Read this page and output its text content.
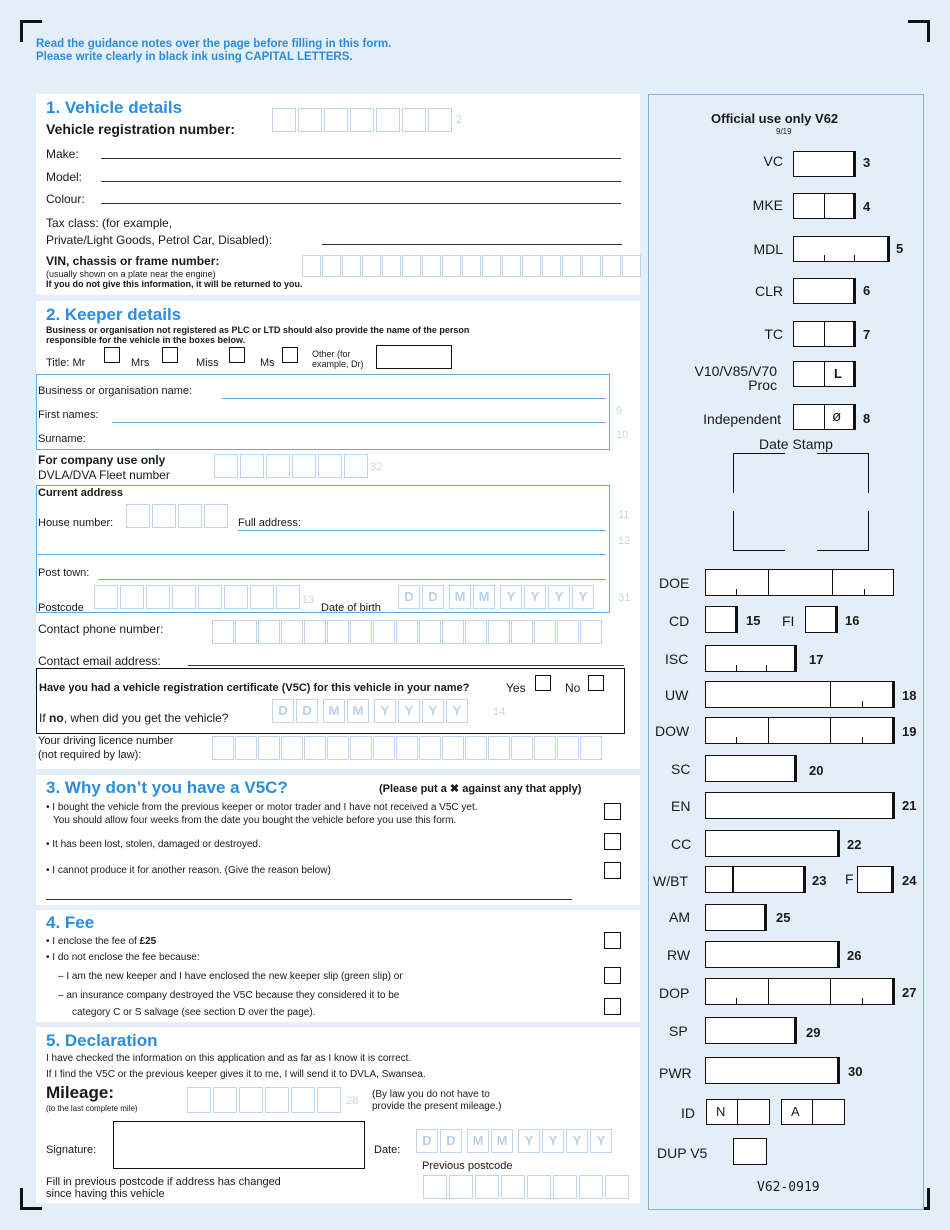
Read the guidance notes over the page before filling in this form.
Please write clearly in black ink using CAPITAL LETTERS.
1. Vehicle details
Vehicle registration number:
2
Make:
Model:
Colour:
Tax class: (for example,
Private/Light Goods, Petrol Car, Disabled):
VIN, chassis or frame number:
(usually shown on a plate near the engine)
If you do not give this information, it will be returned to you.
2. Keeper details
Business or organisation not registered as PLC or LTD should also provide the name of the person
responsible for the vehicle in the boxes below.
Title: Mr	Mrs	Miss	Ms
Other (for
example, Dr)
Business or organisation name:
First names:	9
Surname:	10
For company use only
DVLA/DVA Fleet number
32
Current address
House number:	Full address:
11
12
Post town:
Postcode
13
Date of birth
D	D	M	M	Y	Y	Y	Y	31
Contact phone number:
Contact email address:
Have you had a vehicle registration certificate (V5C) for this vehicle in your name?	Yes	No
If no, when did you get the vehicle?	D	D	M	M	Y	Y	Y	Y	14
Your driving licence number
(not required by law):
3. Why don’t you have a V5C?	(Please put a ✖ against any that apply)
• I bought the vehicle from the previous keeper or motor trader and I have not received a V5C yet.
You should allow four weeks from the date you bought the vehicle before you use this form.
• It has been lost, stolen, damaged or destroyed.
• I cannot produce it for another reason. (Give the reason below)
4. Fee
• I enclose the fee of £25
• I do not enclose the fee because:
– I am the new keeper and I have enclosed the new keeper slip (green slip) or
– an insurance company destroyed the V5C because they considered it to be
category C or S salvage (see section D over the page).
5. Declaration
I have checked the information on this application and as far as I know it is correct.
If I find the V5C or the previous keeper gives it to me, I will send it to DVLA, Swansea.
Mileage:
(to the last complete mile)
28
(By law you do not have to
provide the present mileage.)
Signature:	Date:
D	D	M	M	Y	Y	Y	Y
Previous postcode
Fill in previous postcode if address has changed
since having this vehicle
Official use only V62
9/19
VC	3
MKE	4
MDL	5
CLR	6
TC	7
V10/V85/V70
Proc
L
Independent	ø 8
Date Stamp
DOE
CD	15 FI	16
ISC	17
UW	18
DOW	19
SC	20
EN	21
CC	22
W/BT	23 F	24
AM	25
RW	26
DOP	27
SP	29
PWR	30
ID N	A
DUP V5
V62-0919
